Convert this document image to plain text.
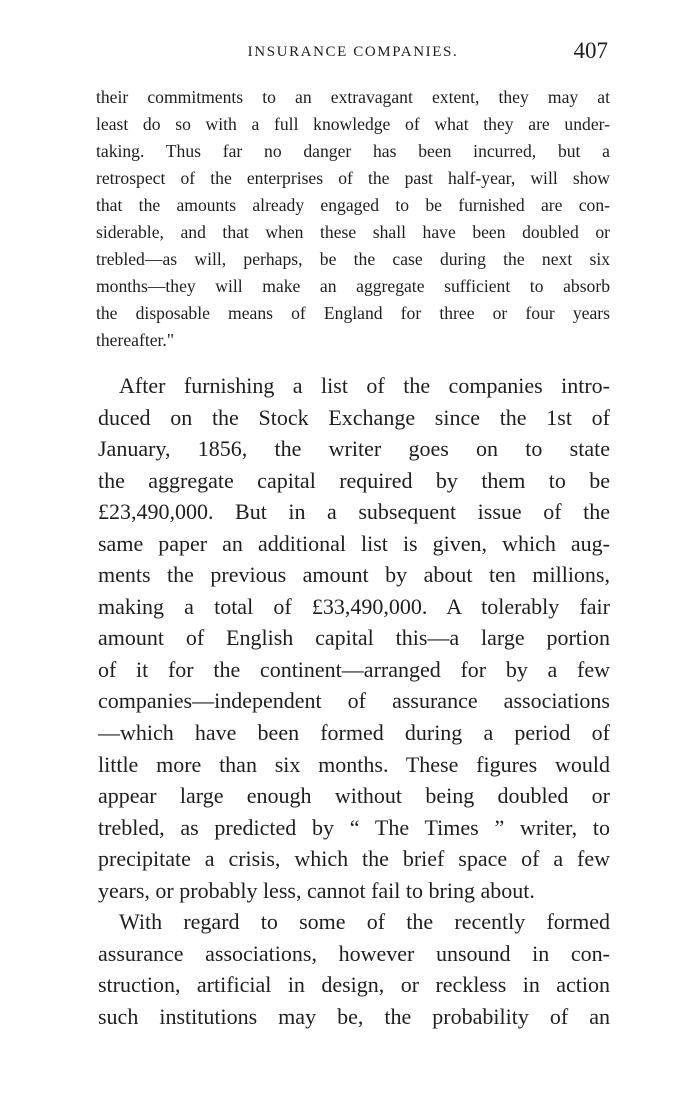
INSURANCE COMPANIES.	407
their commitments to an extravagant extent, they may at
least do so with a full knowledge of what they are under-
taking. Thus far no danger has been incurred, but a
retrospect of the enterprises of the past half-year, will show
that the amounts already engaged to be furnished are con-
siderable, and that when these shall have been doubled or
trebled—as will, perhaps, be the case during the next six
months—they will make an aggregate sufficient to absorb
the disposable means of England for three or four years
thereafter."
After furnishing a list of the companies intro-
duced on the Stock Exchange since the 1st of
January, 1856, the writer goes on to state
the aggregate capital required by them to be
£23,490,000. But in a subsequent issue of the
same paper an additional list is given, which aug-
ments the previous amount by about ten millions,
making a total of £33,490,000. A tolerably fair
amount of English capital this—a large portion
of it for the continent—arranged for by a few
companies—independent of assurance associations
—which have been formed during a period of
little more than six months. These figures would
appear large enough without being doubled or
trebled, as predicted by “ The Times ” writer, to
precipitate a crisis, which the brief space of a few
years, or probably less, cannot fail to bring about.
With regard to some of the recently formed
assurance associations, however unsound in con-
struction, artificial in design, or reckless in action
such institutions may be, the probability of an
